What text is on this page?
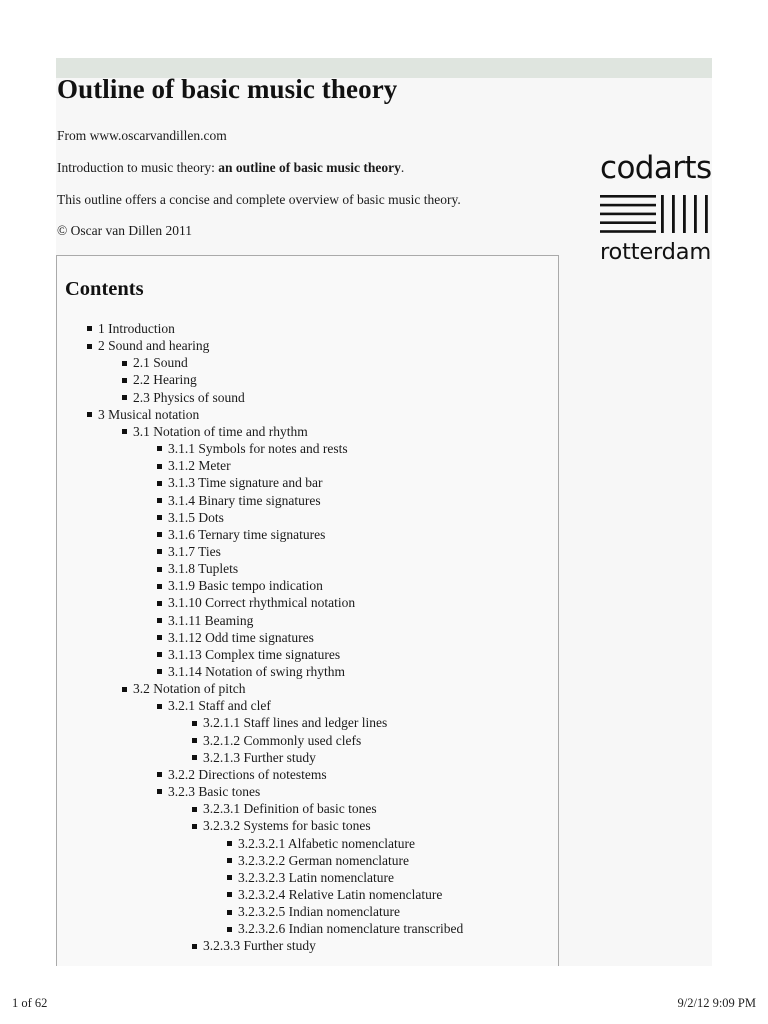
Outline of basic music theory

From www.oscarvandillen.com

Introduction to music theory: an outline of basic music theory.

This outline offers a concise and complete overview of basic music theory.

© Oscar van Dillen 2011

codarts
rotterdam
Contents
1 Introduction
2 Sound and hearing
2.1 Sound
2.2 Hearing
2.3 Physics of sound
3 Musical notation
3.1 Notation of time and rhythm
3.1.1 Symbols for notes and rests
3.1.2 Meter
3.1.3 Time signature and bar
3.1.4 Binary time signatures
3.1.5 Dots
3.1.6 Ternary time signatures
3.1.7 Ties
3.1.8 Tuplets
3.1.9 Basic tempo indication
3.1.10 Correct rhythmical notation
3.1.11 Beaming
3.1.12 Odd time signatures
3.1.13 Complex time signatures
3.1.14 Notation of swing rhythm
3.2 Notation of pitch
3.2.1 Staff and clef
3.2.1.1 Staff lines and ledger lines
3.2.1.2 Commonly used clefs
3.2.1.3 Further study
3.2.2 Directions of notestems
3.2.3 Basic tones
3.2.3.1 Definition of basic tones
3.2.3.2 Systems for basic tones
3.2.3.2.1 Alfabetic nomenclature
3.2.3.2.2 German nomenclature
3.2.3.2.3 Latin nomenclature
3.2.3.2.4 Relative Latin nomenclature
3.2.3.2.5 Indian nomenclature
3.2.3.2.6 Indian nomenclature transcribed
3.2.3.3 Further study
1 of 62	9/2/12 9:09 PM
